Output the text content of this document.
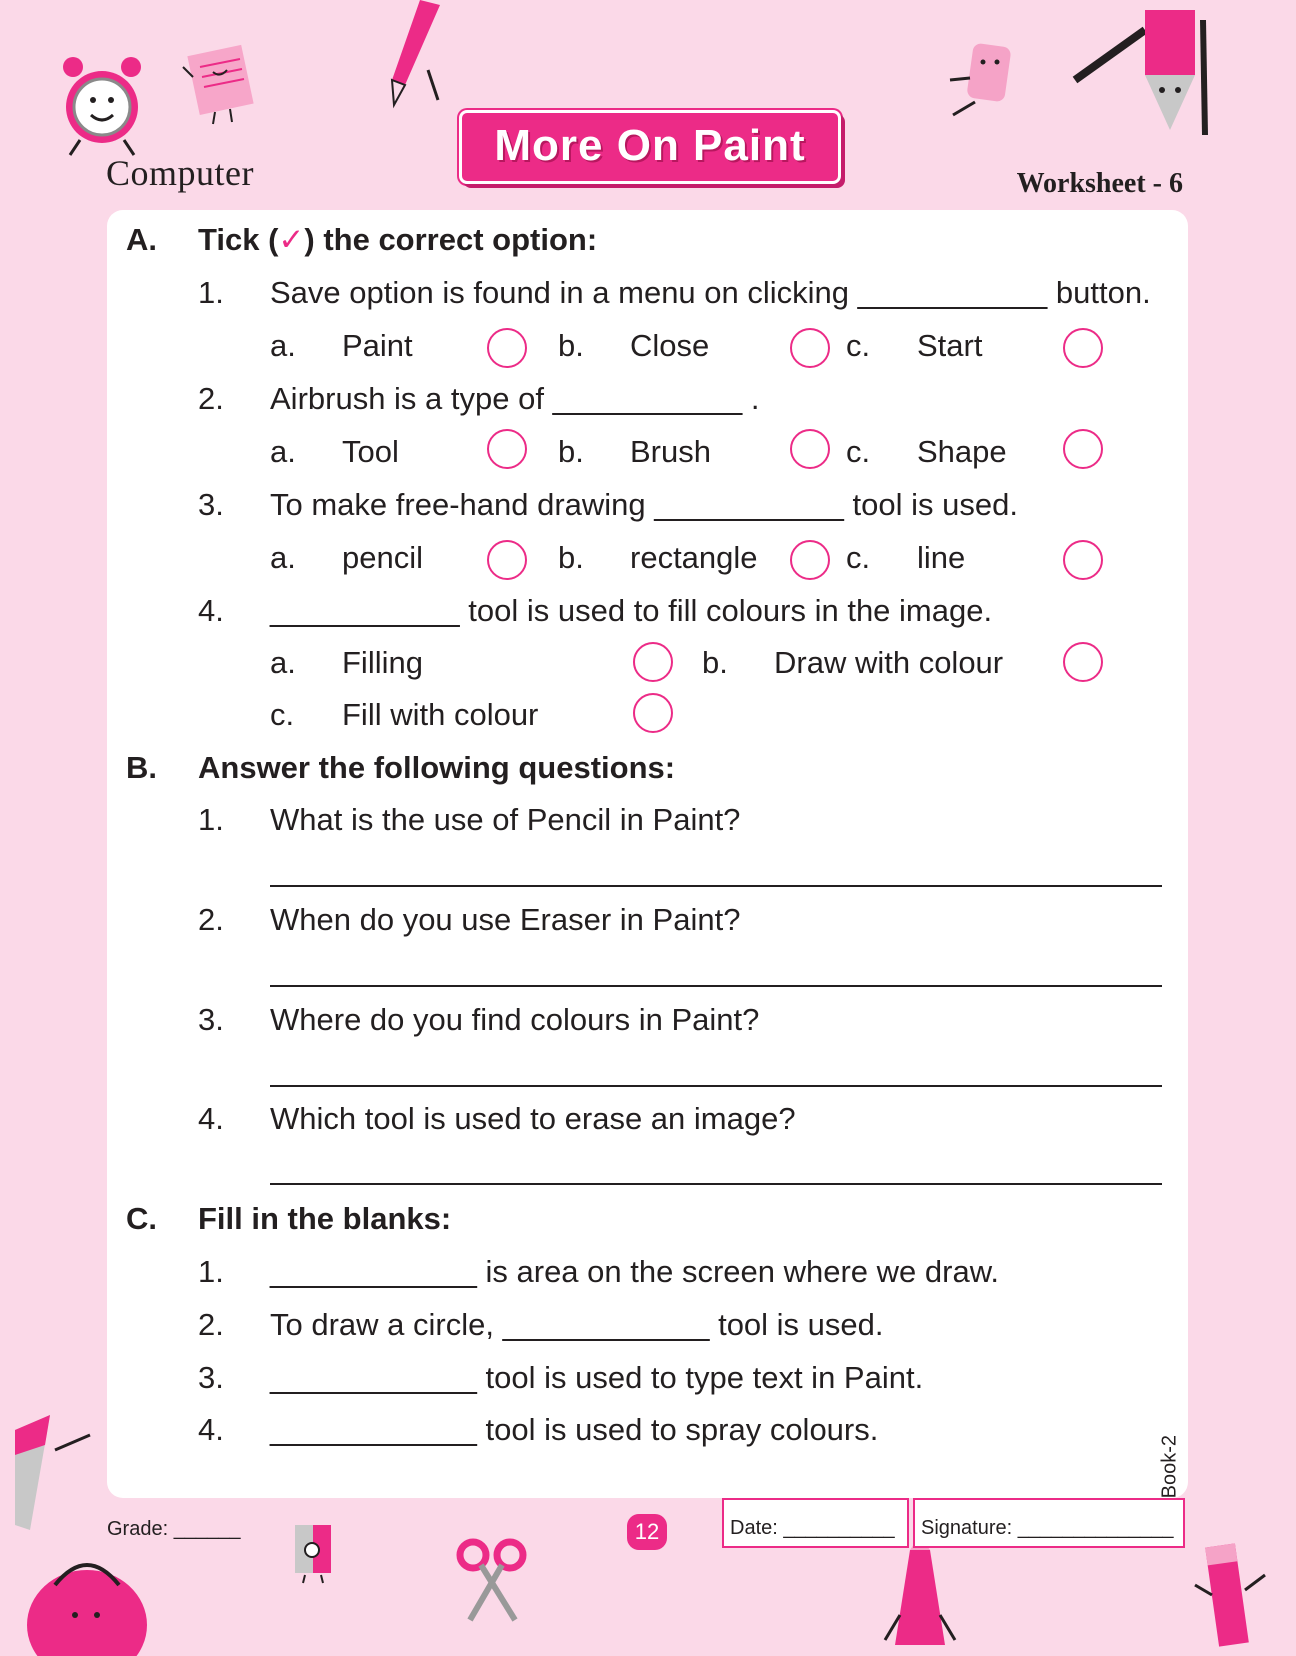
Computer
More On Paint
Worksheet - 6
A. Tick (✓) the correct option:
1. Save option is found in a menu on clicking ___________ button.
a. Paint	b. Close	c. Start
2. Airbrush is a type of ___________ .
a. Tool	b. Brush	c. Shape
3. To make free-hand drawing ___________ tool is used.
a. pencil	b. rectangle	c. line
4. ___________ tool is used to fill colours in the image.
a. Filling	b. Draw with colour
c. Fill with colour
B. Answer the following questions:
1. What is the use of Pencil in Paint?
2. When do you use Eraser in Paint?
3. Where do you find colours in Paint?
4. Which tool is used to erase an image?
C. Fill in the blanks:
1. ____________ is area on the screen where we draw.
2. To draw a circle, ____________ tool is used.
3. ____________ tool is used to type text in Paint.
4. ____________ tool is used to spray colours.
Book-2
Grade: ______	12	Date: __________	Signature: ______________
